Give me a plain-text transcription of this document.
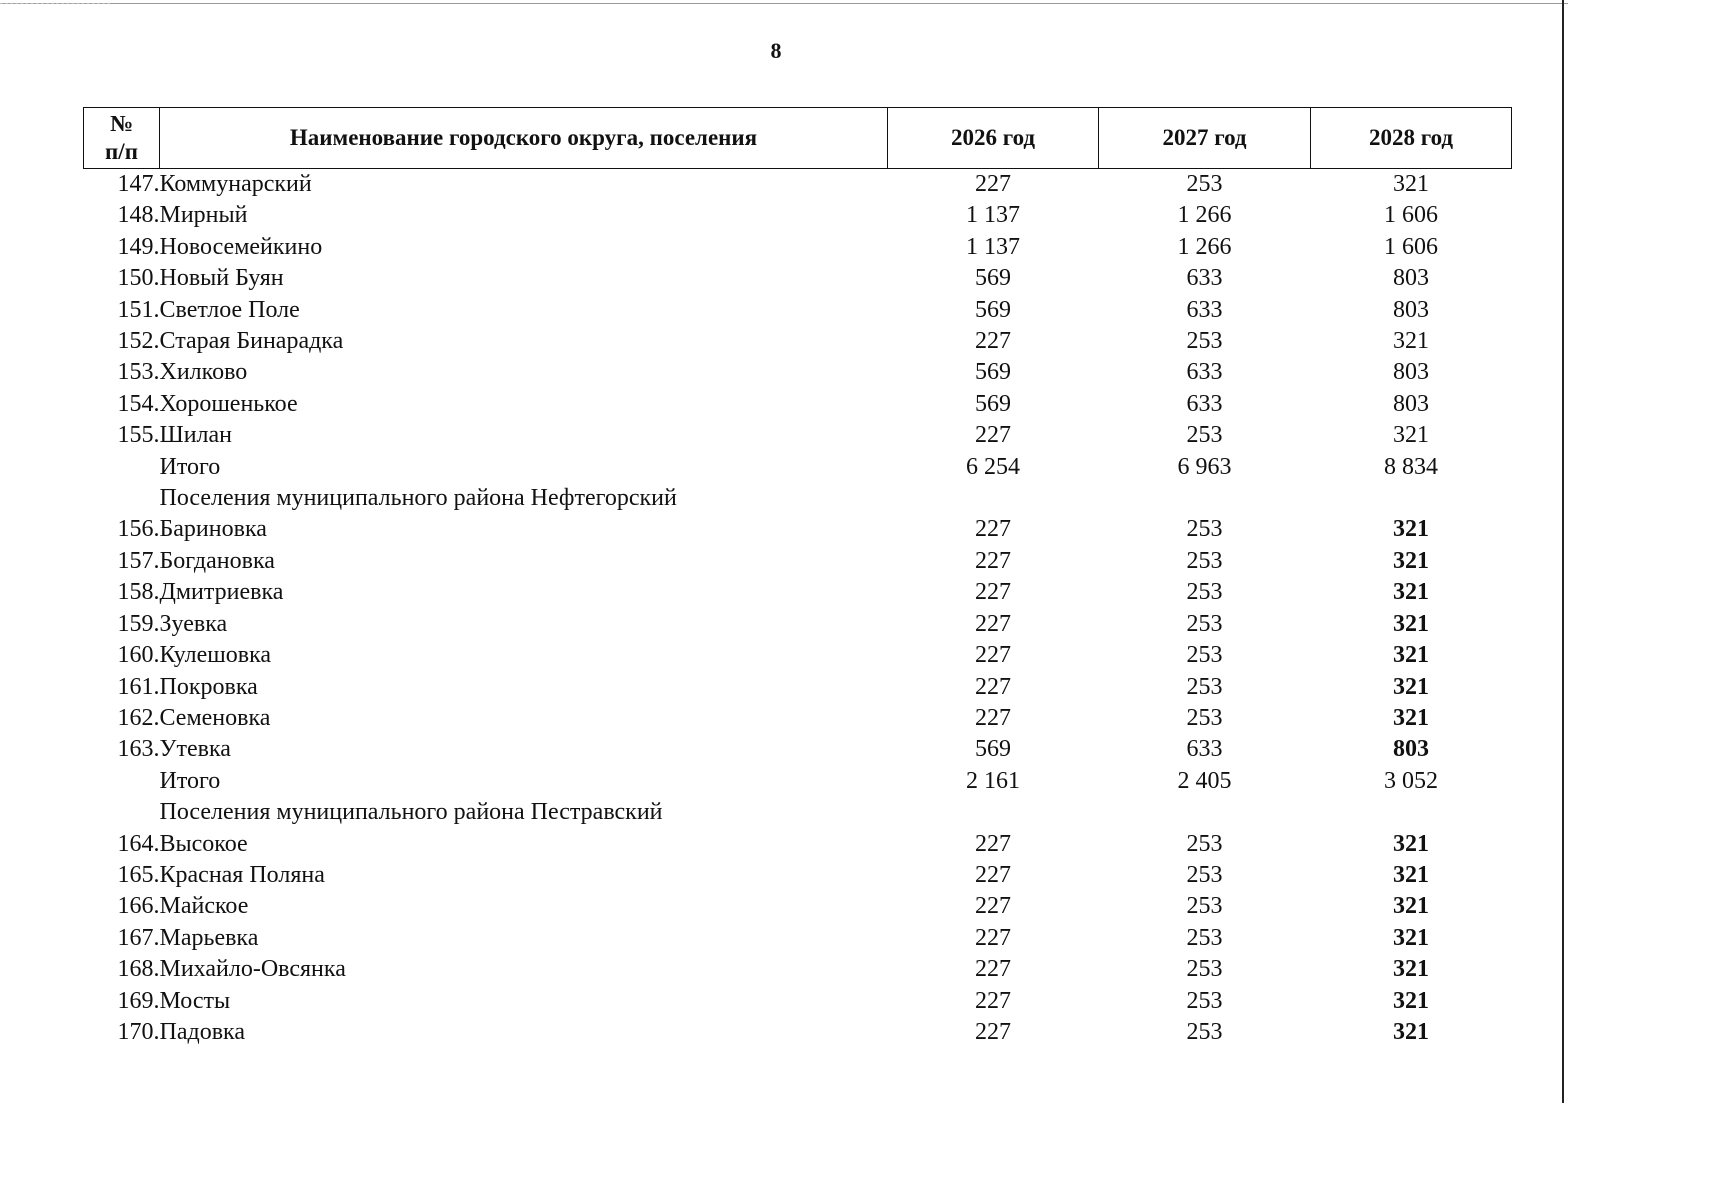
8
№
п/п	Наименование городского округа, поселения	2026 год	2027 год	2028 год
147.	Коммунарский	227	253	321
148.	Мирный	1 137	1 266	1 606
149.	Новосемейкино	1 137	1 266	1 606
150.	Новый Буян	569	633	803
151.	Светлое Поле	569	633	803
152.	Старая Бинарадка	227	253	321
153.	Хилково	569	633	803
154.	Хорошенькое	569	633	803
155.	Шилан	227	253	321
	Итого	6 254	6 963	8 834
	Поселения муниципального района Нефтегорский			
156.	Бариновка	227	253	321
157.	Богдановка	227	253	321
158.	Дмитриевка	227	253	321
159.	Зуевка	227	253	321
160.	Кулешовка	227	253	321
161.	Покровка	227	253	321
162.	Семеновка	227	253	321
163.	Утевка	569	633	803
	Итого	2 161	2 405	3 052
	Поселения муниципального района Пестравский			
164.	Высокое	227	253	321
165.	Красная Поляна	227	253	321
166.	Майское	227	253	321
167.	Марьевка	227	253	321
168.	Михайло-Овсянка	227	253	321
169.	Мосты	227	253	321
170.	Падовка	227	253	321
